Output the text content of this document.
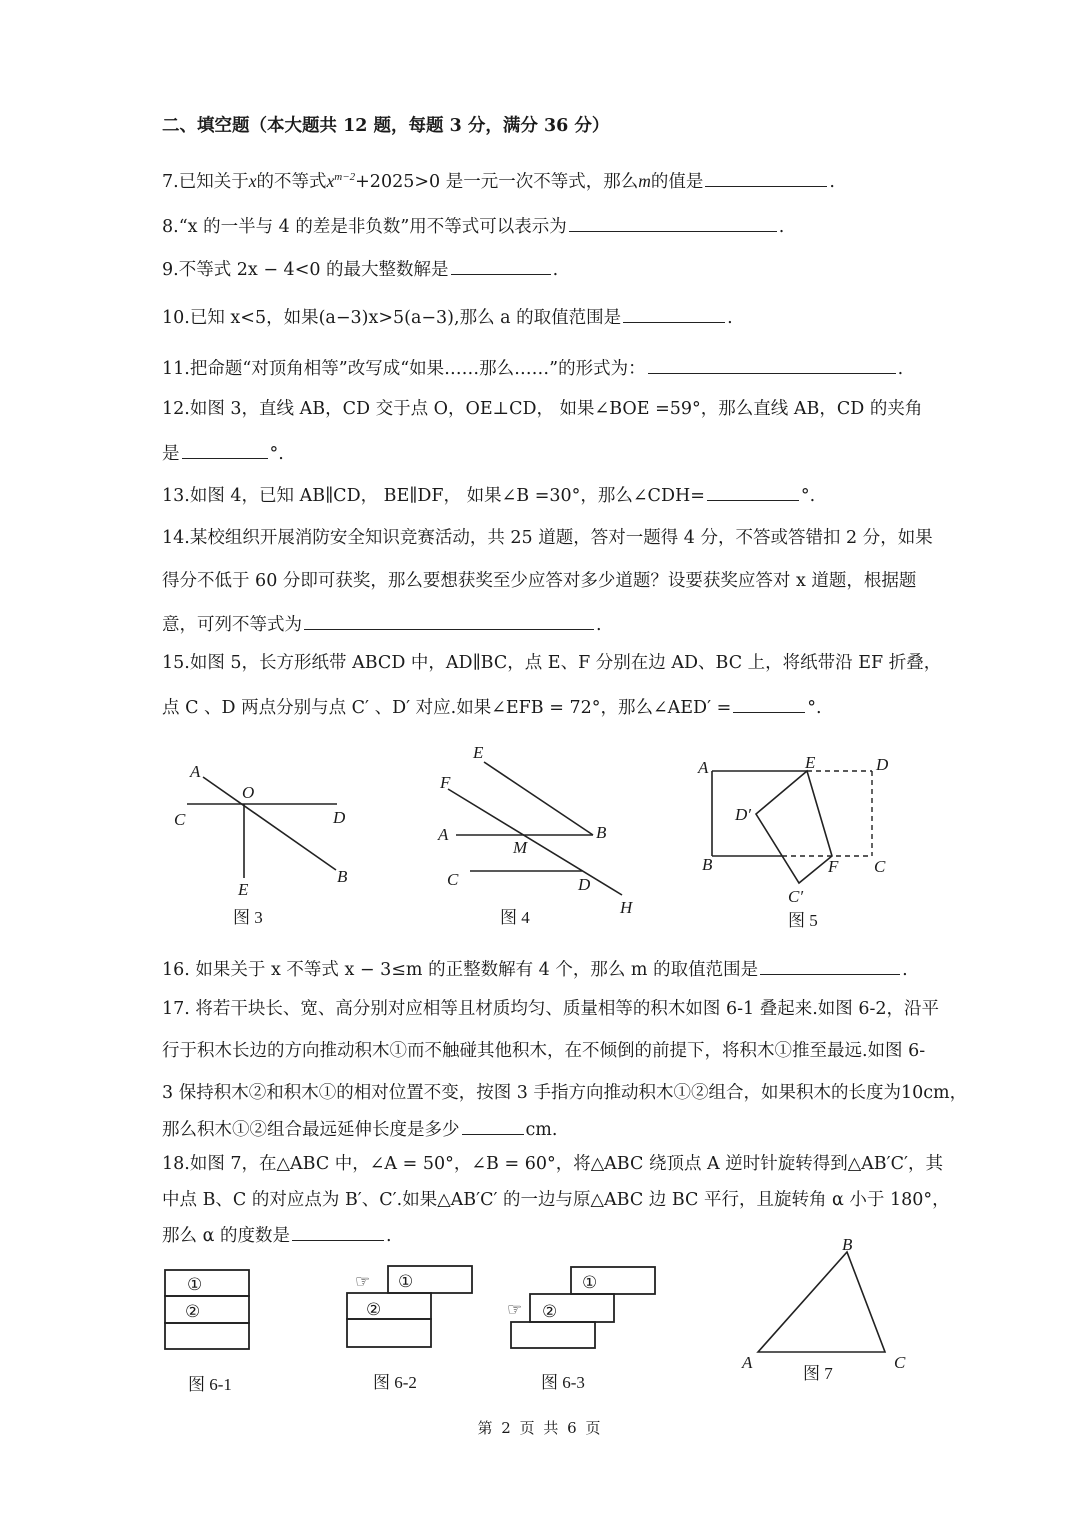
二、填空题（本大题共 12 题，每题 3 分，满分 36 分）
7.已知关于x的不等式$x^{m-2}+2025>0$ 是一元一次不等式，那么m的值是	.
8.“x 的一半与 4 的差是非负数”用不等式可以表示为	.
9.不等式 2x − 4<0 的最大整数解是	.
10.已知 x<5，如果(a−3)x>5(a−3),那么 a 的取值范围是	.
11.把命题“对顶角相等”改写成“如果……那么……”的形式为：	.
12.如图 3，直线 AB，CD 交于点 O，OE⊥CD， 如果∠BOE =59°，那么直线 AB，CD 的夹角
是	°.
13.如图 4，已知 AB∥CD， BE∥DF， 如果∠B =30°，那么∠CDH=	°.
14.某校组织开展消防安全知识竞赛活动，共 25 道题，答对一题得 4 分，不答或答错扣 2 分，如果
得分不低于 60 分即可获奖，那么要想获奖至少应答对多少道题？设要获奖应答对 x 道题，根据题
意，可列不等式为	.
15.如图 5，长方形纸带 ABCD 中，AD∥BC，点 E、F 分别在边 AD、BC 上，将纸带沿 EF 折叠，
点 C 、D 两点分别与点 C′ 、D′ 对应.如果∠EFB = 72°，那么∠AED′ =	°.
A
O
C	D
E
B
图 3
E
F
A	B
M
C	D
H
图 4
A	E	D
D′
B	F C
C′
图 5
16. 如果关于 x 不等式 x − 3≤m 的正整数解有 4 个，那么 m 的取值范围是	.
17. 将若干块长、宽、高分别对应相等且材质均匀、质量相等的积木如图 6-1 叠起来.如图 6-2，沿平
行于积木长边的方向推动积木①而不触碰其他积木，在不倾倒的前提下，将积木①推至最远.如图 6-
3 保持积木②和积木①的相对位置不变，按图 3 手指方向推动积木①②组合，如果积木的长度为10cm，
那么积木①②组合最远延伸长度是多少	cm.
18.如图 7，在△ABC 中，∠A = 50°，∠B = 60°，将△ABC 绕顶点 A 逆时针旋转得到△AB′C′，其
中点 B、C 的对应点为 B′、C′.如果△AB′C′ 的一边与原△ABC 边 BC 平行，且旋转角 α 小于 180°，
那么 α 的度数是	.
①
②
图 6-1
☞ ①
②
图 6-2
☞
①
②
图 6-3
A
B
C
图 7
第 2 页 共 6 页
